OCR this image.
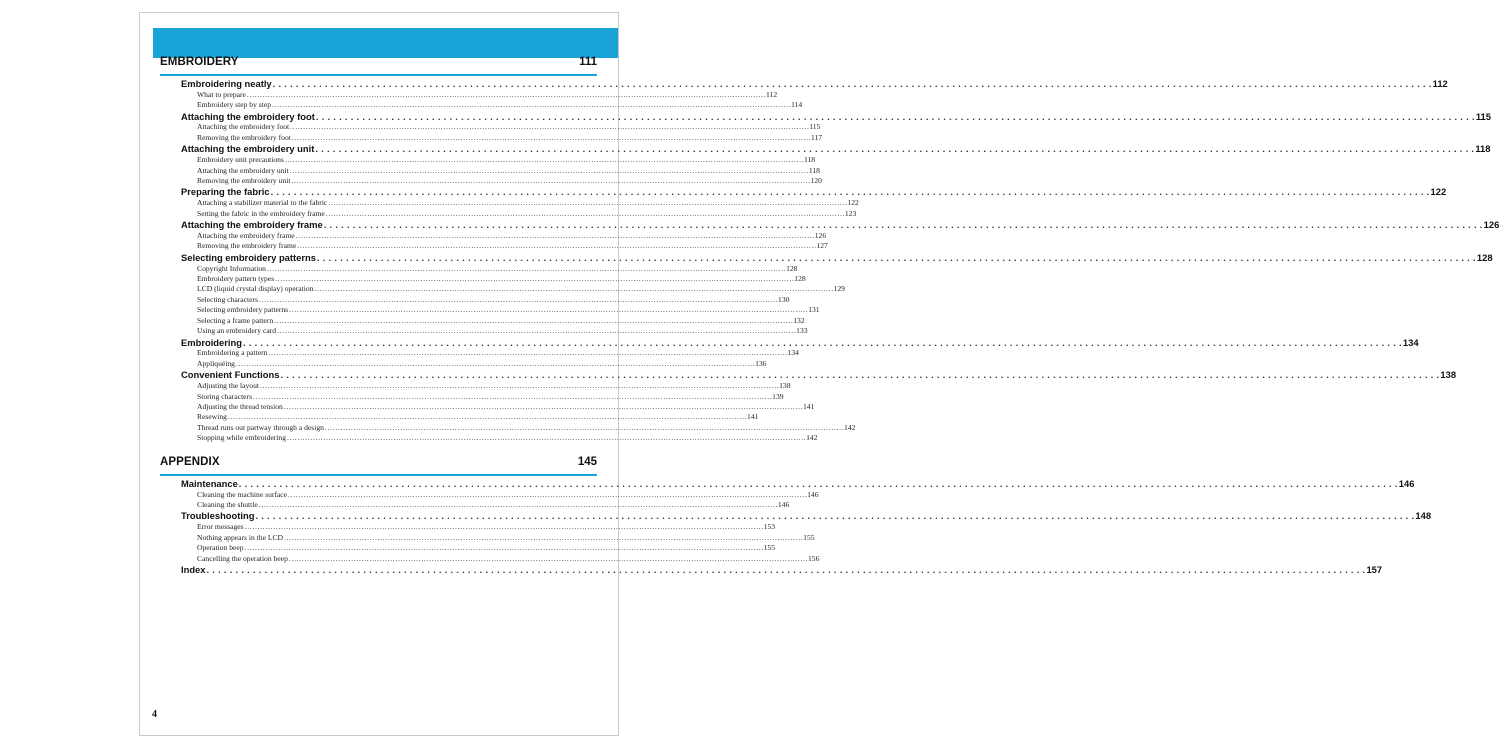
EMBROIDERY	111
Embroidering neatly . . . . . . . . . . . . . . . . . . . . . . . . . . . . . . . . . . . . . . . . . . . . . . . . . . . . . . . . . . . . . . . . . . . . . . . . . . . . . . . . . . . . . . . . . . . . . . . . . . . . . . . . . . . . . . . . . . . . . . . . . . . . . . . . . . . . . . . . . . . . . . . . . . . . . . . . . . . . . . . . . . . . . . . . . . . . . . . . . . . . . . . . . . . . . . . . . . . . . . . . 112
What to prepare . . . . . . . . . . . . . . . . . . . . . . . . . . . . . . . . . . . . . . . . . . . . . . . . . . . . . . . . . . . . . . . . . . . . . . . . . . . . . . . . . . . . . . . . . . . . . . . . . . . . . . . . . . . . . . . . . . . . . . . . . . . . . . . . . . . . . . . . . . . . . . . . . . . . . . . . . . . . . . . . . . . . . . . . . . . . . . . . . . . . . . . . . . . . . . . . . . . . . . . . 112
Embroidery step by step . . . . . . . . . . . . . . . . . . . . . . . . . . . . . . . . . . . . . . . . . . . . . . . . . . . . . . . . . . . . . . . . . . . . . . . . . . . . . . . . . . . . . . . . . . . . . . . . . . . . . . . . . . . . . . . . . . . . . . . . . . . . . . . . . . . . . . . . . . . . . . . . . . . . . . . . . . . . . . . . . . . . . . . . . . . . . . . . . . . . . . . . . . . . . . . . . . . . . . . . 114
Attaching the embroidery foot . . . . . . . . . . . . . . . . . . . . . . . . . . . . . . . . . . . . . . . . . . . . . . . . . . . . . . . . . . . . . . . . . . . . . . . . . . . . . . . . . . . . . . . . . . . . . . . . . . . . . . . . . . . . . . . . . . . . . . . . . . . . . . . . . . . . . . . . . . . . . . . . . . . . . . . . . . . . . . . . . . . . . . . . . . . . . . . . . . . . . . . . . . . . . . . . . . . . . . . . 115
Attaching the embroidery foot . . . . . . . . . . . . . . . . . . . . . . . . . . . . . . . . . . . . . . . . . . . . . . . . . . . . . . . . . . . . . . . . . . . . . . . . . . . . . . . . . . . . . . . . . . . . . . . . . . . . . . . . . . . . . . . . . . . . . . . . . . . . . . . . . . . . . . . . . . . . . . . . . . . . . . . . . . . . . . . . . . . . . . . . . . . . . . . . . . . . . . . . . . . . . . . . . . . . . . . . 115
Removing the embroidery foot . . . . . . . . . . . . . . . . . . . . . . . . . . . . . . . . . . . . . . . . . . . . . . . . . . . . . . . . . . . . . . . . . . . . . . . . . . . . . . . . . . . . . . . . . . . . . . . . . . . . . . . . . . . . . . . . . . . . . . . . . . . . . . . . . . . . . . . . . . . . . . . . . . . . . . . . . . . . . . . . . . . . . . . . . . . . . . . . . . . . . . . . . . . . . . . . . . . . . . . . 117
Attaching the embroidery unit . . . . . . . . . . . . . . . . . . . . . . . . . . . . . . . . . . . . . . . . . . . . . . . . . . . . . . . . . . . . . . . . . . . . . . . . . . . . . . . . . . . . . . . . . . . . . . . . . . . . . . . . . . . . . . . . . . . . . . . . . . . . . . . . . . . . . . . . . . . . . . . . . . . . . . . . . . . . . . . . . . . . . . . . . . . . . . . . . . . . . . . . . . . . . . . . . . . . . . . . 118
Embroidery unit precautions . . . . . . . . . . . . . . . . . . . . . . . . . . . . . . . . . . . . . . . . . . . . . . . . . . . . . . . . . . . . . . . . . . . . . . . . . . . . . . . . . . . . . . . . . . . . . . . . . . . . . . . . . . . . . . . . . . . . . . . . . . . . . . . . . . . . . . . . . . . . . . . . . . . . . . . . . . . . . . . . . . . . . . . . . . . . . . . . . . . . . . . . . . . . . . . . . . . . . . . . 118
Attaching the embroidery unit . . . . . . . . . . . . . . . . . . . . . . . . . . . . . . . . . . . . . . . . . . . . . . . . . . . . . . . . . . . . . . . . . . . . . . . . . . . . . . . . . . . . . . . . . . . . . . . . . . . . . . . . . . . . . . . . . . . . . . . . . . . . . . . . . . . . . . . . . . . . . . . . . . . . . . . . . . . . . . . . . . . . . . . . . . . . . . . . . . . . . . . . . . . . . . . . . . . . . . . . 118
Removing the embroidery unit . . . . . . . . . . . . . . . . . . . . . . . . . . . . . . . . . . . . . . . . . . . . . . . . . . . . . . . . . . . . . . . . . . . . . . . . . . . . . . . . . . . . . . . . . . . . . . . . . . . . . . . . . . . . . . . . . . . . . . . . . . . . . . . . . . . . . . . . . . . . . . . . . . . . . . . . . . . . . . . . . . . . . . . . . . . . . . . . . . . . . . . . . . . . . . . . . . . . . . . . 120
Preparing the fabric . . . . . . . . . . . . . . . . . . . . . . . . . . . . . . . . . . . . . . . . . . . . . . . . . . . . . . . . . . . . . . . . . . . . . . . . . . . . . . . . . . . . . . . . . . . . . . . . . . . . . . . . . . . . . . . . . . . . . . . . . . . . . . . . . . . . . . . . . . . . . . . . . . . . . . . . . . . . . . . . . . . . . . . . . . . . . . . . . . . . . . . . . . . . . . . . . . . . . . . . 122
Attaching a stabilizer material to the fabric . . . . . . . . . . . . . . . . . . . . . . . . . . . . . . . . . . . . . . . . . . . . . . . . . . . . . . . . . . . . . . . . . . . . . . . . . . . . . . . . . . . . . . . . . . . . . . . . . . . . . . . . . . . . . . . . . . . . . . . . . . . . . . . . . . . . . . . . . . . . . . . . . . . . . . . . . . . . . . . . . . . . . . . . . . . . . . . . . . . . . . . . . . . . . . . . . . . . . . . . 122
Setting the fabric in the embroidery frame . . . . . . . . . . . . . . . . . . . . . . . . . . . . . . . . . . . . . . . . . . . . . . . . . . . . . . . . . . . . . . . . . . . . . . . . . . . . . . . . . . . . . . . . . . . . . . . . . . . . . . . . . . . . . . . . . . . . . . . . . . . . . . . . . . . . . . . . . . . . . . . . . . . . . . . . . . . . . . . . . . . . . . . . . . . . . . . . . . . . . . . . . . . . . . . . . . . . . . . . 123
Attaching the embroidery frame . . . . . . . . . . . . . . . . . . . . . . . . . . . . . . . . . . . . . . . . . . . . . . . . . . . . . . . . . . . . . . . . . . . . . . . . . . . . . . . . . . . . . . . . . . . . . . . . . . . . . . . . . . . . . . . . . . . . . . . . . . . . . . . . . . . . . . . . . . . . . . . . . . . . . . . . . . . . . . . . . . . . . . . . . . . . . . . . . . . . . . . . . . . . . . . . . . . . . . . . 126
Attaching the embroidery frame . . . . . . . . . . . . . . . . . . . . . . . . . . . . . . . . . . . . . . . . . . . . . . . . . . . . . . . . . . . . . . . . . . . . . . . . . . . . . . . . . . . . . . . . . . . . . . . . . . . . . . . . . . . . . . . . . . . . . . . . . . . . . . . . . . . . . . . . . . . . . . . . . . . . . . . . . . . . . . . . . . . . . . . . . . . . . . . . . . . . . . . . . . . . . . . . . . . . . . . . 126
Removing the embroidery frame . . . . . . . . . . . . . . . . . . . . . . . . . . . . . . . . . . . . . . . . . . . . . . . . . . . . . . . . . . . . . . . . . . . . . . . . . . . . . . . . . . . . . . . . . . . . . . . . . . . . . . . . . . . . . . . . . . . . . . . . . . . . . . . . . . . . . . . . . . . . . . . . . . . . . . . . . . . . . . . . . . . . . . . . . . . . . . . . . . . . . . . . . . . . . . . . . . . . . . . . 127
Selecting embroidery patterns . . . . . . . . . . . . . . . . . . . . . . . . . . . . . . . . . . . . . . . . . . . . . . . . . . . . . . . . . . . . . . . . . . . . . . . . . . . . . . . . . . . . . . . . . . . . . . . . . . . . . . . . . . . . . . . . . . . . . . . . . . . . . . . . . . . . . . . . . . . . . . . . . . . . . . . . . . . . . . . . . . . . . . . . . . . . . . . . . . . . . . . . . . . . . . . . . . . . . . . . 128
Copyright Information . . . . . . . . . . . . . . . . . . . . . . . . . . . . . . . . . . . . . . . . . . . . . . . . . . . . . . . . . . . . . . . . . . . . . . . . . . . . . . . . . . . . . . . . . . . . . . . . . . . . . . . . . . . . . . . . . . . . . . . . . . . . . . . . . . . . . . . . . . . . . . . . . . . . . . . . . . . . . . . . . . . . . . . . . . . . . . . . . . . . . . . . . . . . . . . . . . . . . . . . 128
Embroidery pattern types . . . . . . . . . . . . . . . . . . . . . . . . . . . . . . . . . . . . . . . . . . . . . . . . . . . . . . . . . . . . . . . . . . . . . . . . . . . . . . . . . . . . . . . . . . . . . . . . . . . . . . . . . . . . . . . . . . . . . . . . . . . . . . . . . . . . . . . . . . . . . . . . . . . . . . . . . . . . . . . . . . . . . . . . . . . . . . . . . . . . . . . . . . . . . . . . . . . . . . . . 128
LCD (liquid crystal display) operation . . . . . . . . . . . . . . . . . . . . . . . . . . . . . . . . . . . . . . . . . . . . . . . . . . . . . . . . . . . . . . . . . . . . . . . . . . . . . . . . . . . . . . . . . . . . . . . . . . . . . . . . . . . . . . . . . . . . . . . . . . . . . . . . . . . . . . . . . . . . . . . . . . . . . . . . . . . . . . . . . . . . . . . . . . . . . . . . . . . . . . . . . . . . . . . . . . . . . . . . 129
Selecting characters . . . . . . . . . . . . . . . . . . . . . . . . . . . . . . . . . . . . . . . . . . . . . . . . . . . . . . . . . . . . . . . . . . . . . . . . . . . . . . . . . . . . . . . . . . . . . . . . . . . . . . . . . . . . . . . . . . . . . . . . . . . . . . . . . . . . . . . . . . . . . . . . . . . . . . . . . . . . . . . . . . . . . . . . . . . . . . . . . . . . . . . . . . . . . . . . . . . . . . . . 130
Selecting embroidery patterns . . . . . . . . . . . . . . . . . . . . . . . . . . . . . . . . . . . . . . . . . . . . . . . . . . . . . . . . . . . . . . . . . . . . . . . . . . . . . . . . . . . . . . . . . . . . . . . . . . . . . . . . . . . . . . . . . . . . . . . . . . . . . . . . . . . . . . . . . . . . . . . . . . . . . . . . . . . . . . . . . . . . . . . . . . . . . . . . . . . . . . . . . . . . . . . . . . . . . . . . 131
Selecting a frame pattern . . . . . . . . . . . . . . . . . . . . . . . . . . . . . . . . . . . . . . . . . . . . . . . . . . . . . . . . . . . . . . . . . . . . . . . . . . . . . . . . . . . . . . . . . . . . . . . . . . . . . . . . . . . . . . . . . . . . . . . . . . . . . . . . . . . . . . . . . . . . . . . . . . . . . . . . . . . . . . . . . . . . . . . . . . . . . . . . . . . . . . . . . . . . . . . . . . . . . . . . 132
Using an embroidery card . . . . . . . . . . . . . . . . . . . . . . . . . . . . . . . . . . . . . . . . . . . . . . . . . . . . . . . . . . . . . . . . . . . . . . . . . . . . . . . . . . . . . . . . . . . . . . . . . . . . . . . . . . . . . . . . . . . . . . . . . . . . . . . . . . . . . . . . . . . . . . . . . . . . . . . . . . . . . . . . . . . . . . . . . . . . . . . . . . . . . . . . . . . . . . . . . . . . . . . . 133
Embroidering . . . . . . . . . . . . . . . . . . . . . . . . . . . . . . . . . . . . . . . . . . . . . . . . . . . . . . . . . . . . . . . . . . . . . . . . . . . . . . . . . . . . . . . . . . . . . . . . . . . . . . . . . . . . . . . . . . . . . . . . . . . . . . . . . . . . . . . . . . . . . . . . . . . . . . . . . . . . . . . . . . . . . . . . . . . . . . . . . . . . . . . . . . . . . . . . . . . . . . . . 134
Embroidering a pattern . . . . . . . . . . . . . . . . . . . . . . . . . . . . . . . . . . . . . . . . . . . . . . . . . . . . . . . . . . . . . . . . . . . . . . . . . . . . . . . . . . . . . . . . . . . . . . . . . . . . . . . . . . . . . . . . . . . . . . . . . . . . . . . . . . . . . . . . . . . . . . . . . . . . . . . . . . . . . . . . . . . . . . . . . . . . . . . . . . . . . . . . . . . . . . . . . . . . . . . . 134
Appliquéing . . . . . . . . . . . . . . . . . . . . . . . . . . . . . . . . . . . . . . . . . . . . . . . . . . . . . . . . . . . . . . . . . . . . . . . . . . . . . . . . . . . . . . . . . . . . . . . . . . . . . . . . . . . . . . . . . . . . . . . . . . . . . . . . . . . . . . . . . . . . . . . . . . . . . . . . . . . . . . . . . . . . . . . . . . . . . . . . . . . . . . . . . . . . . . . . . . . . . . . . 136
Convenient Functions . . . . . . . . . . . . . . . . . . . . . . . . . . . . . . . . . . . . . . . . . . . . . . . . . . . . . . . . . . . . . . . . . . . . . . . . . . . . . . . . . . . . . . . . . . . . . . . . . . . . . . . . . . . . . . . . . . . . . . . . . . . . . . . . . . . . . . . . . . . . . . . . . . . . . . . . . . . . . . . . . . . . . . . . . . . . . . . . . . . . . . . . . . . . . . . . . . . . . . . . 138
Adjusting the layout . . . . . . . . . . . . . . . . . . . . . . . . . . . . . . . . . . . . . . . . . . . . . . . . . . . . . . . . . . . . . . . . . . . . . . . . . . . . . . . . . . . . . . . . . . . . . . . . . . . . . . . . . . . . . . . . . . . . . . . . . . . . . . . . . . . . . . . . . . . . . . . . . . . . . . . . . . . . . . . . . . . . . . . . . . . . . . . . . . . . . . . . . . . . . . . . . . . . . . . . 138
Storing characters . . . . . . . . . . . . . . . . . . . . . . . . . . . . . . . . . . . . . . . . . . . . . . . . . . . . . . . . . . . . . . . . . . . . . . . . . . . . . . . . . . . . . . . . . . . . . . . . . . . . . . . . . . . . . . . . . . . . . . . . . . . . . . . . . . . . . . . . . . . . . . . . . . . . . . . . . . . . . . . . . . . . . . . . . . . . . . . . . . . . . . . . . . . . . . . . . . . . . . . . 139
Adjusting the thread tension . . . . . . . . . . . . . . . . . . . . . . . . . . . . . . . . . . . . . . . . . . . . . . . . . . . . . . . . . . . . . . . . . . . . . . . . . . . . . . . . . . . . . . . . . . . . . . . . . . . . . . . . . . . . . . . . . . . . . . . . . . . . . . . . . . . . . . . . . . . . . . . . . . . . . . . . . . . . . . . . . . . . . . . . . . . . . . . . . . . . . . . . . . . . . . . . . . . . . . . . 141
Resewing . . . . . . . . . . . . . . . . . . . . . . . . . . . . . . . . . . . . . . . . . . . . . . . . . . . . . . . . . . . . . . . . . . . . . . . . . . . . . . . . . . . . . . . . . . . . . . . . . . . . . . . . . . . . . . . . . . . . . . . . . . . . . . . . . . . . . . . . . . . . . . . . . . . . . . . . . . . . . . . . . . . . . . . . . . . . . . . . . . . . . . . . . . . . . . . . . . . . . . . . 141
Thread runs out partway through a design . . . . . . . . . . . . . . . . . . . . . . . . . . . . . . . . . . . . . . . . . . . . . . . . . . . . . . . . . . . . . . . . . . . . . . . . . . . . . . . . . . . . . . . . . . . . . . . . . . . . . . . . . . . . . . . . . . . . . . . . . . . . . . . . . . . . . . . . . . . . . . . . . . . . . . . . . . . . . . . . . . . . . . . . . . . . . . . . . . . . . . . . . . . . . . . . . . . . . . . . 142
Stopping while embroidering . . . . . . . . . . . . . . . . . . . . . . . . . . . . . . . . . . . . . . . . . . . . . . . . . . . . . . . . . . . . . . . . . . . . . . . . . . . . . . . . . . . . . . . . . . . . . . . . . . . . . . . . . . . . . . . . . . . . . . . . . . . . . . . . . . . . . . . . . . . . . . . . . . . . . . . . . . . . . . . . . . . . . . . . . . . . . . . . . . . . . . . . . . . . . . . . . . . . . . . . 142
APPENDIX	145
Maintenance . . . . . . . . . . . . . . . . . . . . . . . . . . . . . . . . . . . . . . . . . . . . . . . . . . . . . . . . . . . . . . . . . . . . . . . . . . . . . . . . . . . . . . . . . . . . . . . . . . . . . . . . . . . . . . . . . . . . . . . . . . . . . . . . . . . . . . . . . . . . . . . . . . . . . . . . . . . . . . . . . . . . . . . . . . . . . . . . . . . . . . . . . . . . . . . . . . . . . . . . 146
Cleaning the machine surface . . . . . . . . . . . . . . . . . . . . . . . . . . . . . . . . . . . . . . . . . . . . . . . . . . . . . . . . . . . . . . . . . . . . . . . . . . . . . . . . . . . . . . . . . . . . . . . . . . . . . . . . . . . . . . . . . . . . . . . . . . . . . . . . . . . . . . . . . . . . . . . . . . . . . . . . . . . . . . . . . . . . . . . . . . . . . . . . . . . . . . . . . . . . . . . . . . . . . . . . 146
Cleaning the shuttle . . . . . . . . . . . . . . . . . . . . . . . . . . . . . . . . . . . . . . . . . . . . . . . . . . . . . . . . . . . . . . . . . . . . . . . . . . . . . . . . . . . . . . . . . . . . . . . . . . . . . . . . . . . . . . . . . . . . . . . . . . . . . . . . . . . . . . . . . . . . . . . . . . . . . . . . . . . . . . . . . . . . . . . . . . . . . . . . . . . . . . . . . . . . . . . . . . . . . . . . 146
Troubleshooting . . . . . . . . . . . . . . . . . . . . . . . . . . . . . . . . . . . . . . . . . . . . . . . . . . . . . . . . . . . . . . . . . . . . . . . . . . . . . . . . . . . . . . . . . . . . . . . . . . . . . . . . . . . . . . . . . . . . . . . . . . . . . . . . . . . . . . . . . . . . . . . . . . . . . . . . . . . . . . . . . . . . . . . . . . . . . . . . . . . . . . . . . . . . . . . . . . . . . . . . 148
Error messages . . . . . . . . . . . . . . . . . . . . . . . . . . . . . . . . . . . . . . . . . . . . . . . . . . . . . . . . . . . . . . . . . . . . . . . . . . . . . . . . . . . . . . . . . . . . . . . . . . . . . . . . . . . . . . . . . . . . . . . . . . . . . . . . . . . . . . . . . . . . . . . . . . . . . . . . . . . . . . . . . . . . . . . . . . . . . . . . . . . . . . . . . . . . . . . . . . . . . . . . 153
Nothing appears in the LCD . . . . . . . . . . . . . . . . . . . . . . . . . . . . . . . . . . . . . . . . . . . . . . . . . . . . . . . . . . . . . . . . . . . . . . . . . . . . . . . . . . . . . . . . . . . . . . . . . . . . . . . . . . . . . . . . . . . . . . . . . . . . . . . . . . . . . . . . . . . . . . . . . . . . . . . . . . . . . . . . . . . . . . . . . . . . . . . . . . . . . . . . . . . . . . . . . . . . . . . . 155
Operation beep . . . . . . . . . . . . . . . . . . . . . . . . . . . . . . . . . . . . . . . . . . . . . . . . . . . . . . . . . . . . . . . . . . . . . . . . . . . . . . . . . . . . . . . . . . . . . . . . . . . . . . . . . . . . . . . . . . . . . . . . . . . . . . . . . . . . . . . . . . . . . . . . . . . . . . . . . . . . . . . . . . . . . . . . . . . . . . . . . . . . . . . . . . . . . . . . . . . . . . . . 155
Cancelling the operation beep . . . . . . . . . . . . . . . . . . . . . . . . . . . . . . . . . . . . . . . . . . . . . . . . . . . . . . . . . . . . . . . . . . . . . . . . . . . . . . . . . . . . . . . . . . . . . . . . . . . . . . . . . . . . . . . . . . . . . . . . . . . . . . . . . . . . . . . . . . . . . . . . . . . . . . . . . . . . . . . . . . . . . . . . . . . . . . . . . . . . . . . . . . . . . . . . . . . . . . . . 156
Index . . . . . . . . . . . . . . . . . . . . . . . . . . . . . . . . . . . . . . . . . . . . . . . . . . . . . . . . . . . . . . . . . . . . . . . . . . . . . . . . . . . . . . . . . . . . . . . . . . . . . . . . . . . . . . . . . . . . . . . . . . . . . . . . . . . . . . . . . . . . . . . . . . . . . . . . . . . . . . . . . . . . . . . . . . . . . . . . . . . . . . . . . . . . . . . . . . . . . . . . 157
4
